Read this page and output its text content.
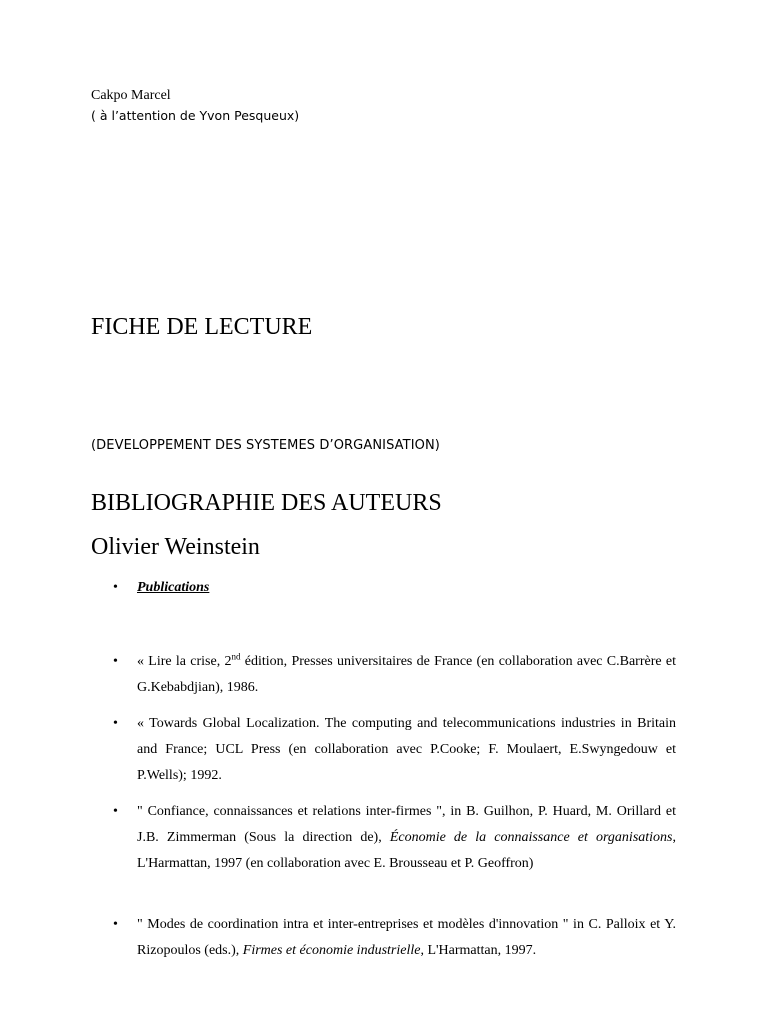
Cakpo Marcel
( à l’attention de Yvon Pesqueux)
FICHE DE LECTURE
(DEVELOPPEMENT DES SYSTEMES D’ORGANISATION)
BIBLIOGRAPHIE DES AUTEURS
Olivier Weinstein
• Publications
• « Lire la crise, 2nd édition, Presses universitaires de France (en collaboration avec C.Barrère et G.Kebabdjian), 1986.
• « Towards Global Localization. The computing and telecommunications industries in Britain and France; UCL Press (en collaboration avec P.Cooke; F. Moulaert, E.Swyngedouw et P.Wells); 1992.
• " Confiance, connaissances et relations inter-firmes ", in B. Guilhon, P. Huard, M. Orillard et J.B. Zimmerman (Sous la direction de), Économie de la connaissance et organisations, L'Harmattan, 1997 (en collaboration avec E. Brousseau et P. Geoffron)
• " Modes de coordination intra et inter-entreprises et modèles d'innovation " in C. Palloix et Y. Rizopoulos (eds.), Firmes et économie industrielle, L'Harmattan, 1997.
